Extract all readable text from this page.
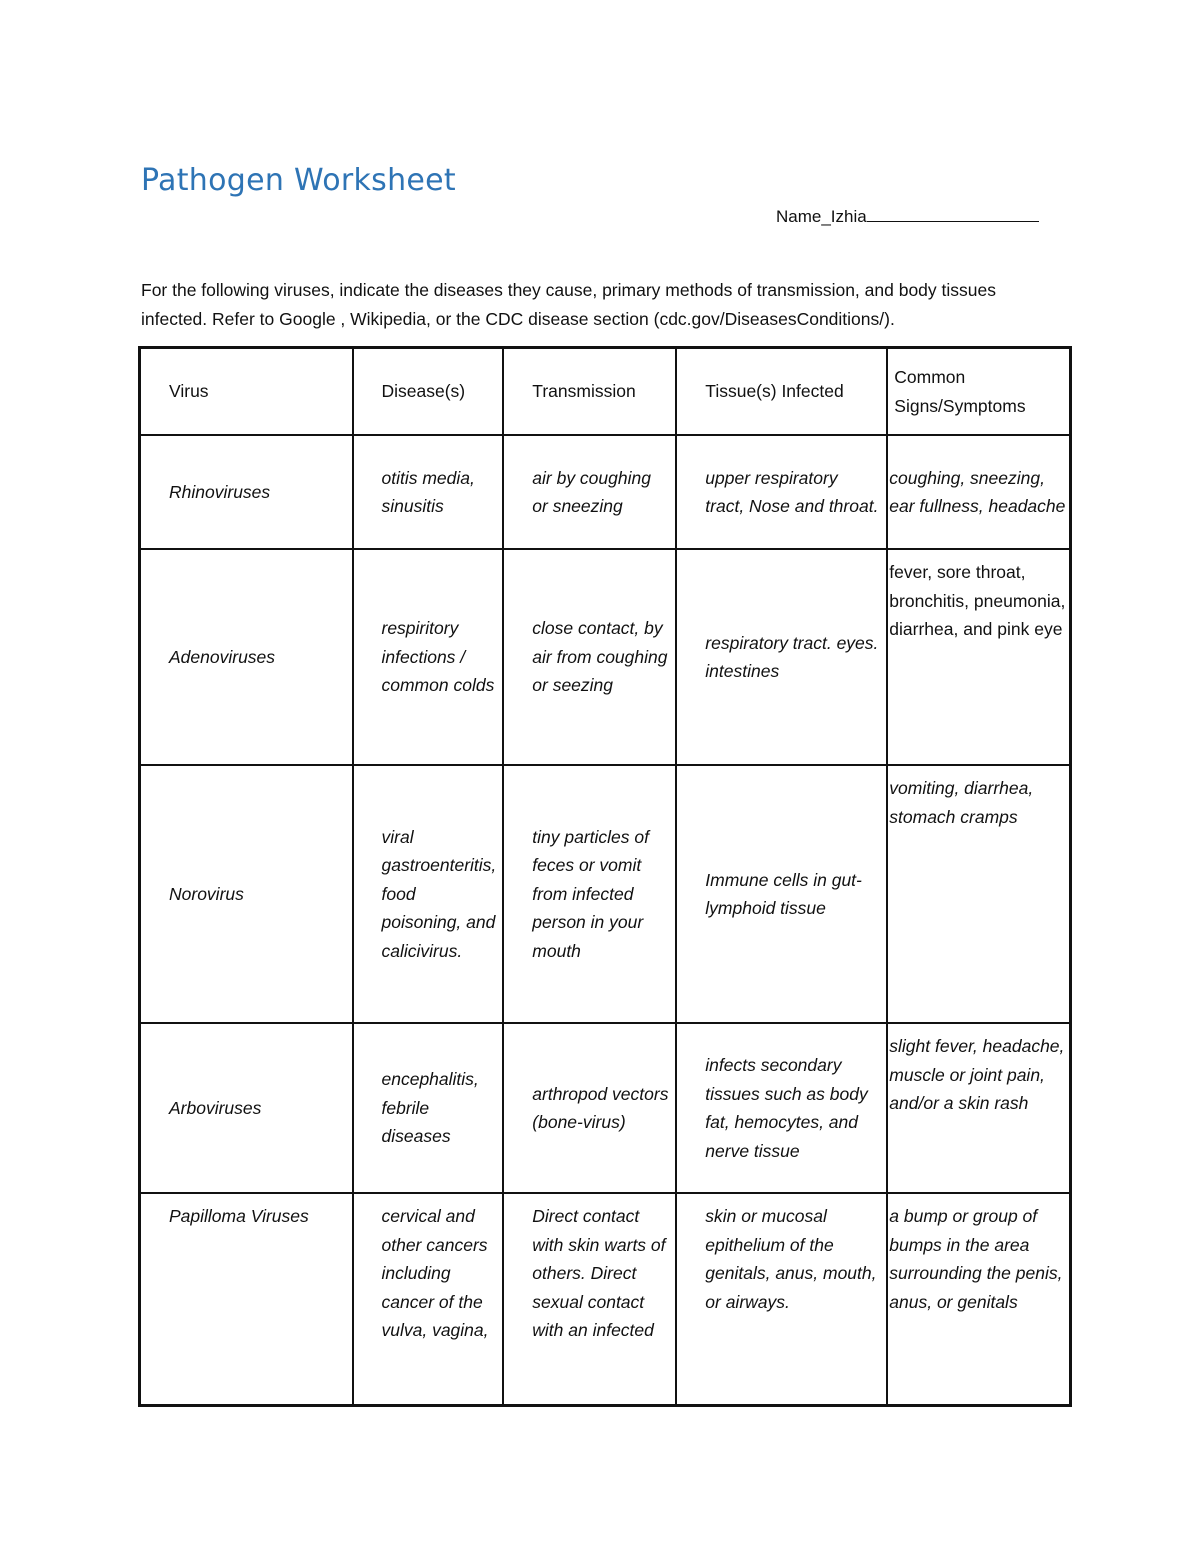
Pathogen Worksheet
Name_Izhia
For the following viruses, indicate the diseases they cause, primary methods of transmission, and body tissues infected. Refer to Google , Wikipedia, or the CDC disease section (cdc.gov/DiseasesConditions/).
Virus	Disease(s)	Transmission	Tissue(s) Infected	Common Signs/Symptoms

Rhinoviruses	otitis media, sinusitis	air by coughing or sneezing	upper respiratory tract, Nose and throat.	coughing, sneezing, ear fullness, headache

Adenoviruses	respiritory infections / common colds	close contact, by air from coughing or seezing	respiratory tract. eyes. intestines	fever, sore throat, bronchitis, pneumonia, diarrhea, and pink eye

Norovirus	viral gastroenteritis, food poisoning, and calicivirus.	tiny particles of feces or vomit from infected person in your mouth	Immune cells in gut- lymphoid tissue	vomiting, diarrhea, stomach cramps

Arboviruses	encephalitis, febrile diseases	arthropod vectors (bone-virus)	infects secondary tissues such as body fat, hemocytes, and nerve tissue	slight fever, headache, muscle or joint pain, and/or a skin rash

Papilloma Viruses	cervical and other cancers including cancer of the vulva, vagina,	Direct contact with skin warts of others. Direct sexual contact with an infected	skin or mucosal epithelium of the genitals, anus, mouth, or airways.	a bump or group of bumps in the area surrounding the penis, anus, or genitals
